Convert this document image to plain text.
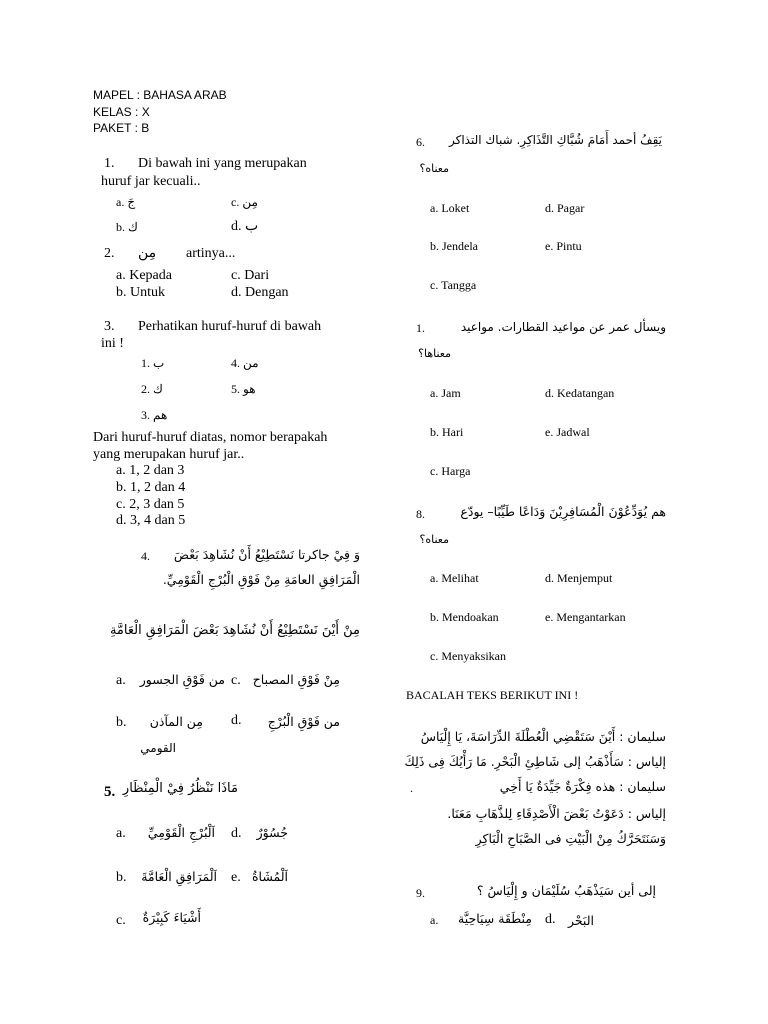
MAPEL : BAHASA ARAB
KELAS : X
PAKET : B
1. Di bawah ini yang merupakan
huruf jar kecuali..
a. جَ	c. مِن
b. ك	d. ب
2. مِن artinya...
a. Kepada	c. Dari
b. Untuk	d. Dengan
3. Perhatikan huruf-huruf di bawah
ini !
1. ب	4. من
2. ك	5. هو
3. هم
Dari huruf-huruf diatas, nomor berapakah
yang merupakan huruf jar..
a. 1, 2 dan 3
b. 1, 2 dan 4
c. 2, 3 dan 5
d. 3, 4 dan 5
4. وَ فِيْ جاكرتا نَسْتَطِيْعُ أَنْ نُشَاهِدَ بَعْضَ
الْمَرَافِقِ العامَةِ مِنْ فَوْقِ الْبُرْجِ الْقَوْمِيِّ.
مِنْ أَيْنَ نَسْتَطِيْعُ أَنْ نُشَاهِدَ بَعْضَ الْمَرَافِقِ الْعَامَّةِ
a.	من فَوْقِ الجسور c. مِنْ فَوْقِ المصباح
b.	مِن المآذن d.	من فَوْقِ الْبُرْجِ
القومي
5. مَاذَا نَنْظُرُ فِيْ الْمِنْظَارِ
a.	اَلْبُرْجِ الْقَوْمِيِّ d.	جُسُوْرٌ
b.	اَلْمَرَافِقِ الْعَامَّةَ e. اَلْمُشَاةُ
c.	أَشْيَاءَ كَبِيْرَةٌ
6. يَقِفُ أحمد أَمَامَ شُبَّاكِ التَّذَاكِرِ. شباك التذاكر
معناه؟
a. Loket	d. Pagar
b. Jendela	e. Pintu
c. Tangga
1.	ويسأل عمر عن مواعيد القطارات. مواعيد
معناها؟
a. Jam	d. Kedatangan
b. Hari	e. Jadwal
c. Harga
8.	هم يُوَدِّعُوْنَ الْمُسَافِرِيْنَ وَدَاعًا طَيِّبًا– يودّع
معناه؟
a. Melihat	d. Menjemput
b. Mendoakan	e. Mengantarkan
c. Menyaksikan
BACALAH TEKS BERIKUT INI !
سليمان : أَيْنَ سَتَقْضِي الْعُطْلَةَ الدِّرَاسَةَ، يَا إِلْيَاسُ
إلياس : سَأَذْهَبُ إلى شَاطِئِ الْبَحْرِ. مَا رَأْيُكَ فِى ذَلِكَ
.	سليمان : هذه فِكْرَةٌ جَيِّدَةٌ يَا أَخِي
إلياس : دَعَوْتُ بَعْضَ الْأَصْدِقَاءِ لِلذَّهَابِ مَعَنَا.
وَسَنَتَحَرَّكُ مِنْ الْبَيْتِ فى الصَّبَاحِ الْبَاكِرِ
9.	إلى أين سَيَذْهَبُ سُلَيْمَان و إِلْيَاسُ ؟
a.	مِنْطَقَة سِيَاحِيَّة d. البَحْر
